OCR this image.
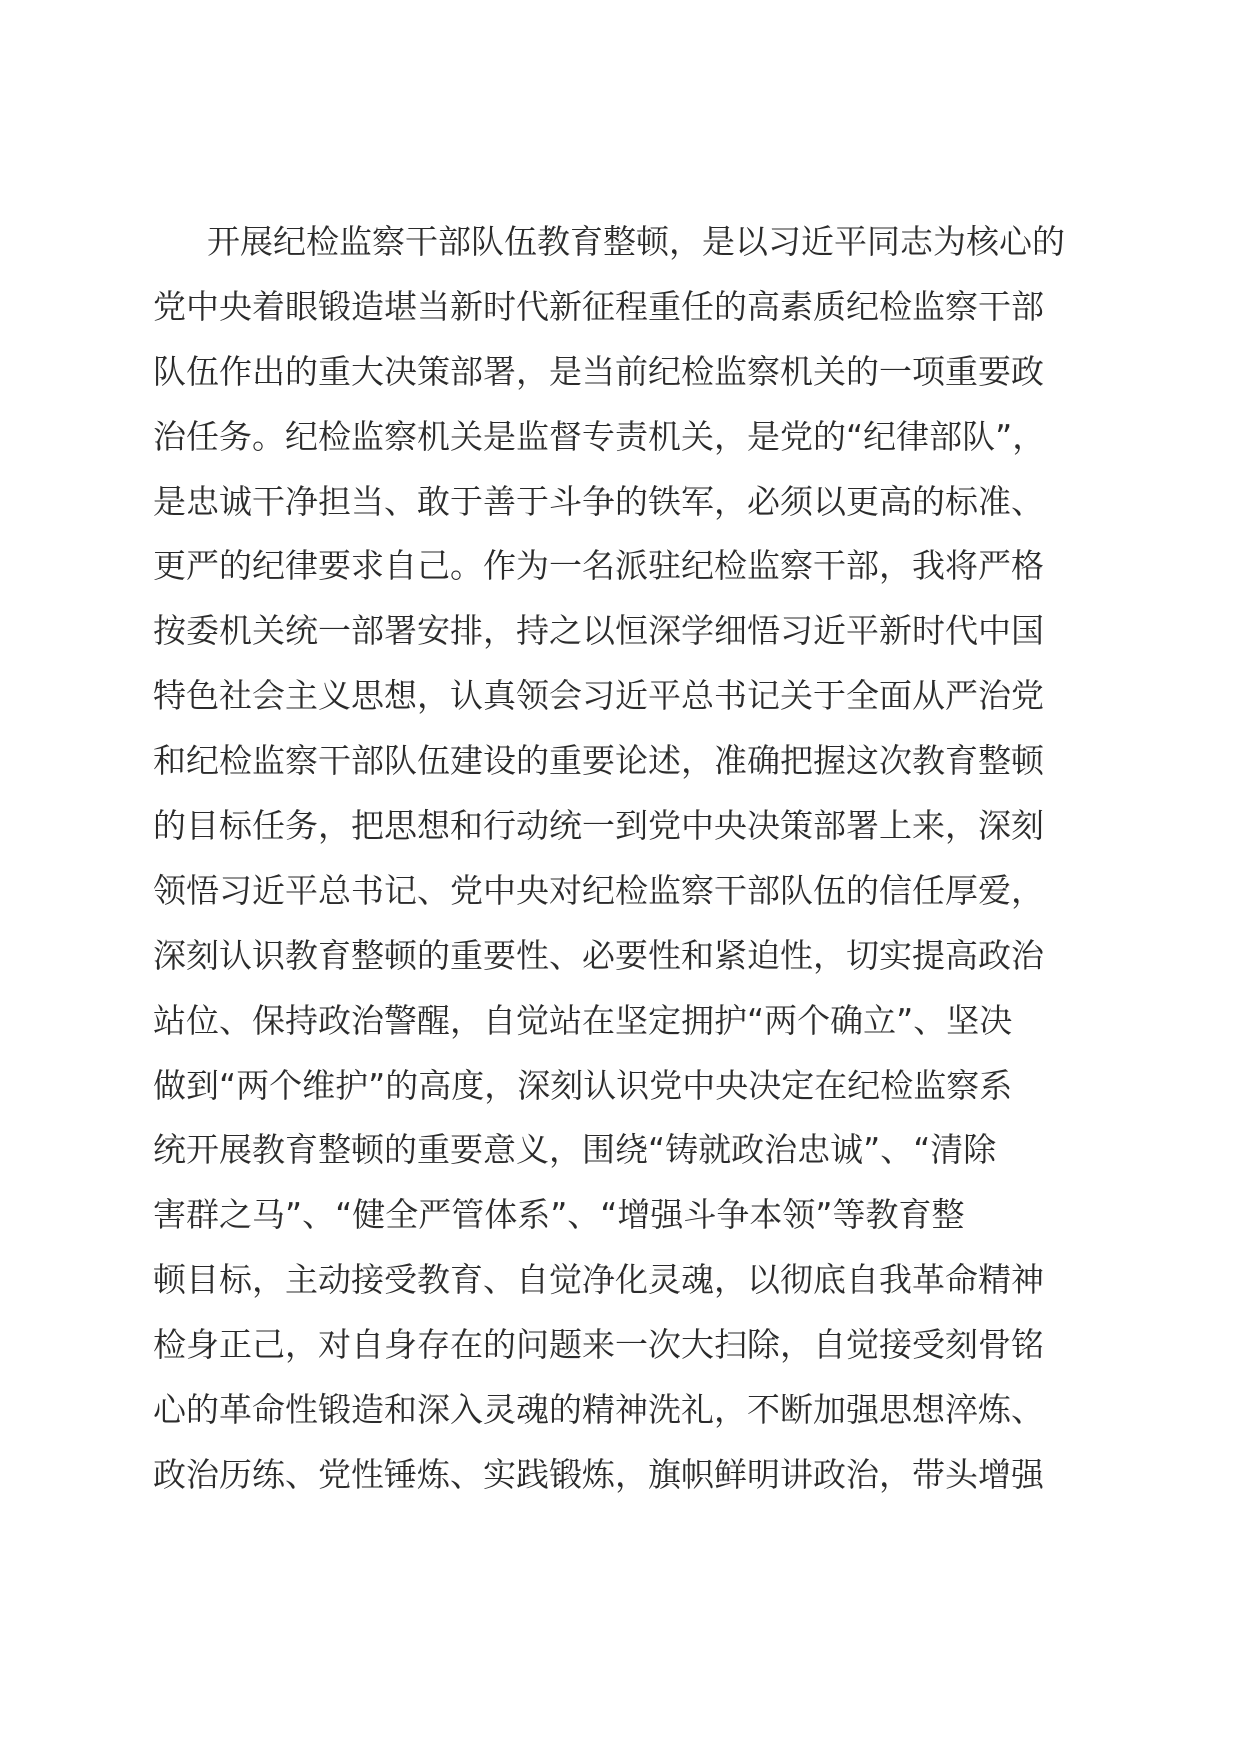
开展纪检监察干部队伍教育整顿，是以习近平同志为核心的
党中央着眼锻造堪当新时代新征程重任的高素质纪检监察干部
队伍作出的重大决策部署，是当前纪检监察机关的一项重要政
治任务。纪检监察机关是监督专责机关，是党的“纪律部队”，
是忠诚干净担当、敢于善于斗争的铁军，必须以更高的标准、
更严的纪律要求自己。作为一名派驻纪检监察干部，我将严格
按委机关统一部署安排，持之以恒深学细悟习近平新时代中国
特色社会主义思想，认真领会习近平总书记关于全面从严治党
和纪检监察干部队伍建设的重要论述，准确把握这次教育整顿
的目标任务，把思想和行动统一到党中央决策部署上来，深刻
领悟习近平总书记、党中央对纪检监察干部队伍的信任厚爱，
深刻认识教育整顿的重要性、必要性和紧迫性，切实提高政治
站位、保持政治警醒，自觉站在坚定拥护“两个确立”、坚决
做到“两个维护”的高度，深刻认识党中央决定在纪检监察系
统开展教育整顿的重要意义，围绕“铸就政治忠诚”、“清除
害群之马”、“健全严管体系”、“增强斗争本领”等教育整
顿目标，主动接受教育、自觉净化灵魂，以彻底自我革命精神
检身正己，对自身存在的问题来一次大扫除，自觉接受刻骨铭
心的革命性锻造和深入灵魂的精神洗礼，不断加强思想淬炼、
政治历练、党性锤炼、实践锻炼，旗帜鲜明讲政治，带头增强
